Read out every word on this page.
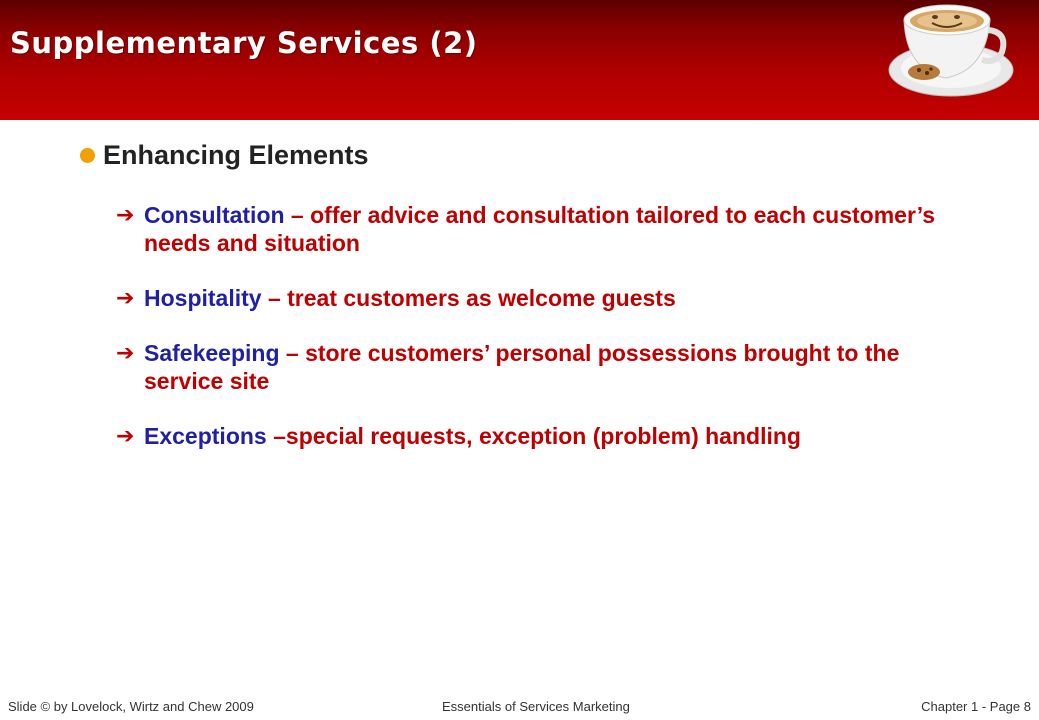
Supplementary Services (2)
Enhancing Elements
➔ Consultation – offer advice and consultation tailored to each customer’s needs and situation
➔ Hospitality – treat customers as welcome guests
➔ Safekeeping – store customers’ personal possessions brought to the service site
➔ Exceptions –special requests, exception (problem) handling
Slide © by Lovelock, Wirtz and Chew 2009	Essentials of Services Marketing	Chapter 1 - Page 8
